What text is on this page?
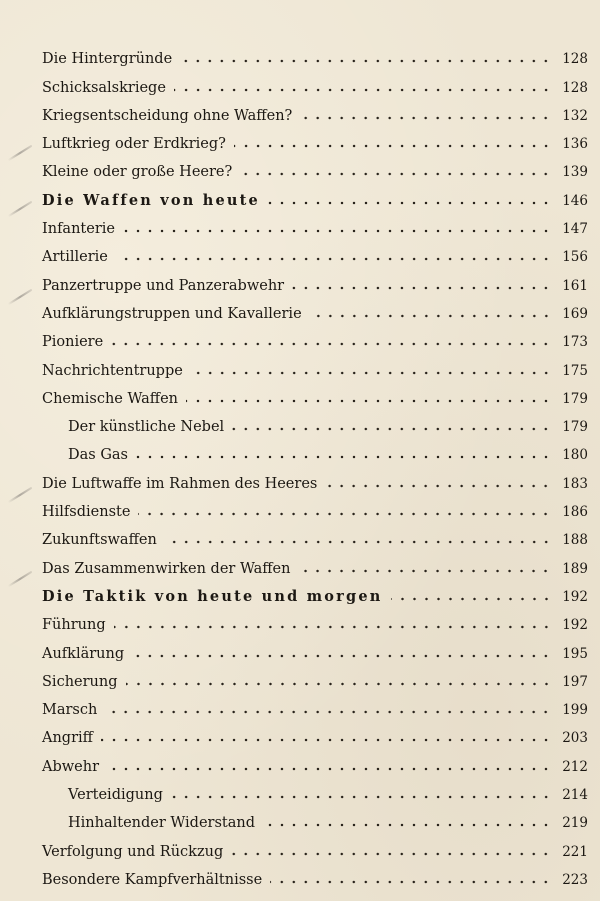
Die Hintergründe	128
Schicksalskriege	128
Kriegsentscheidung ohne Waffen?	132
Luftkrieg oder Erdkrieg?	136
Kleine oder große Heere?	139
Die Waffen von heute	146
Infanterie	147
Artillerie	156
Panzertruppe und Panzerabwehr	161
Aufklärungstruppen und Kavallerie	169
Pioniere	173
Nachrichtentruppe	175
Chemische Waffen	179
Der künstliche Nebel	179
Das Gas	180
Die Luftwaffe im Rahmen des Heeres	183
Hilfsdienste	186
Zukunftswaffen	188
Das Zusammenwirken der Waffen	189
Die Taktik von heute und morgen	192
Führung	192
Aufklärung	195
Sicherung	197
Marsch	199
Angriff	203
Abwehr	212
Verteidigung	214
Hinhaltender Widerstand	219
Verfolgung und Rückzug	221
Besondere Kampfverhältnisse	223
